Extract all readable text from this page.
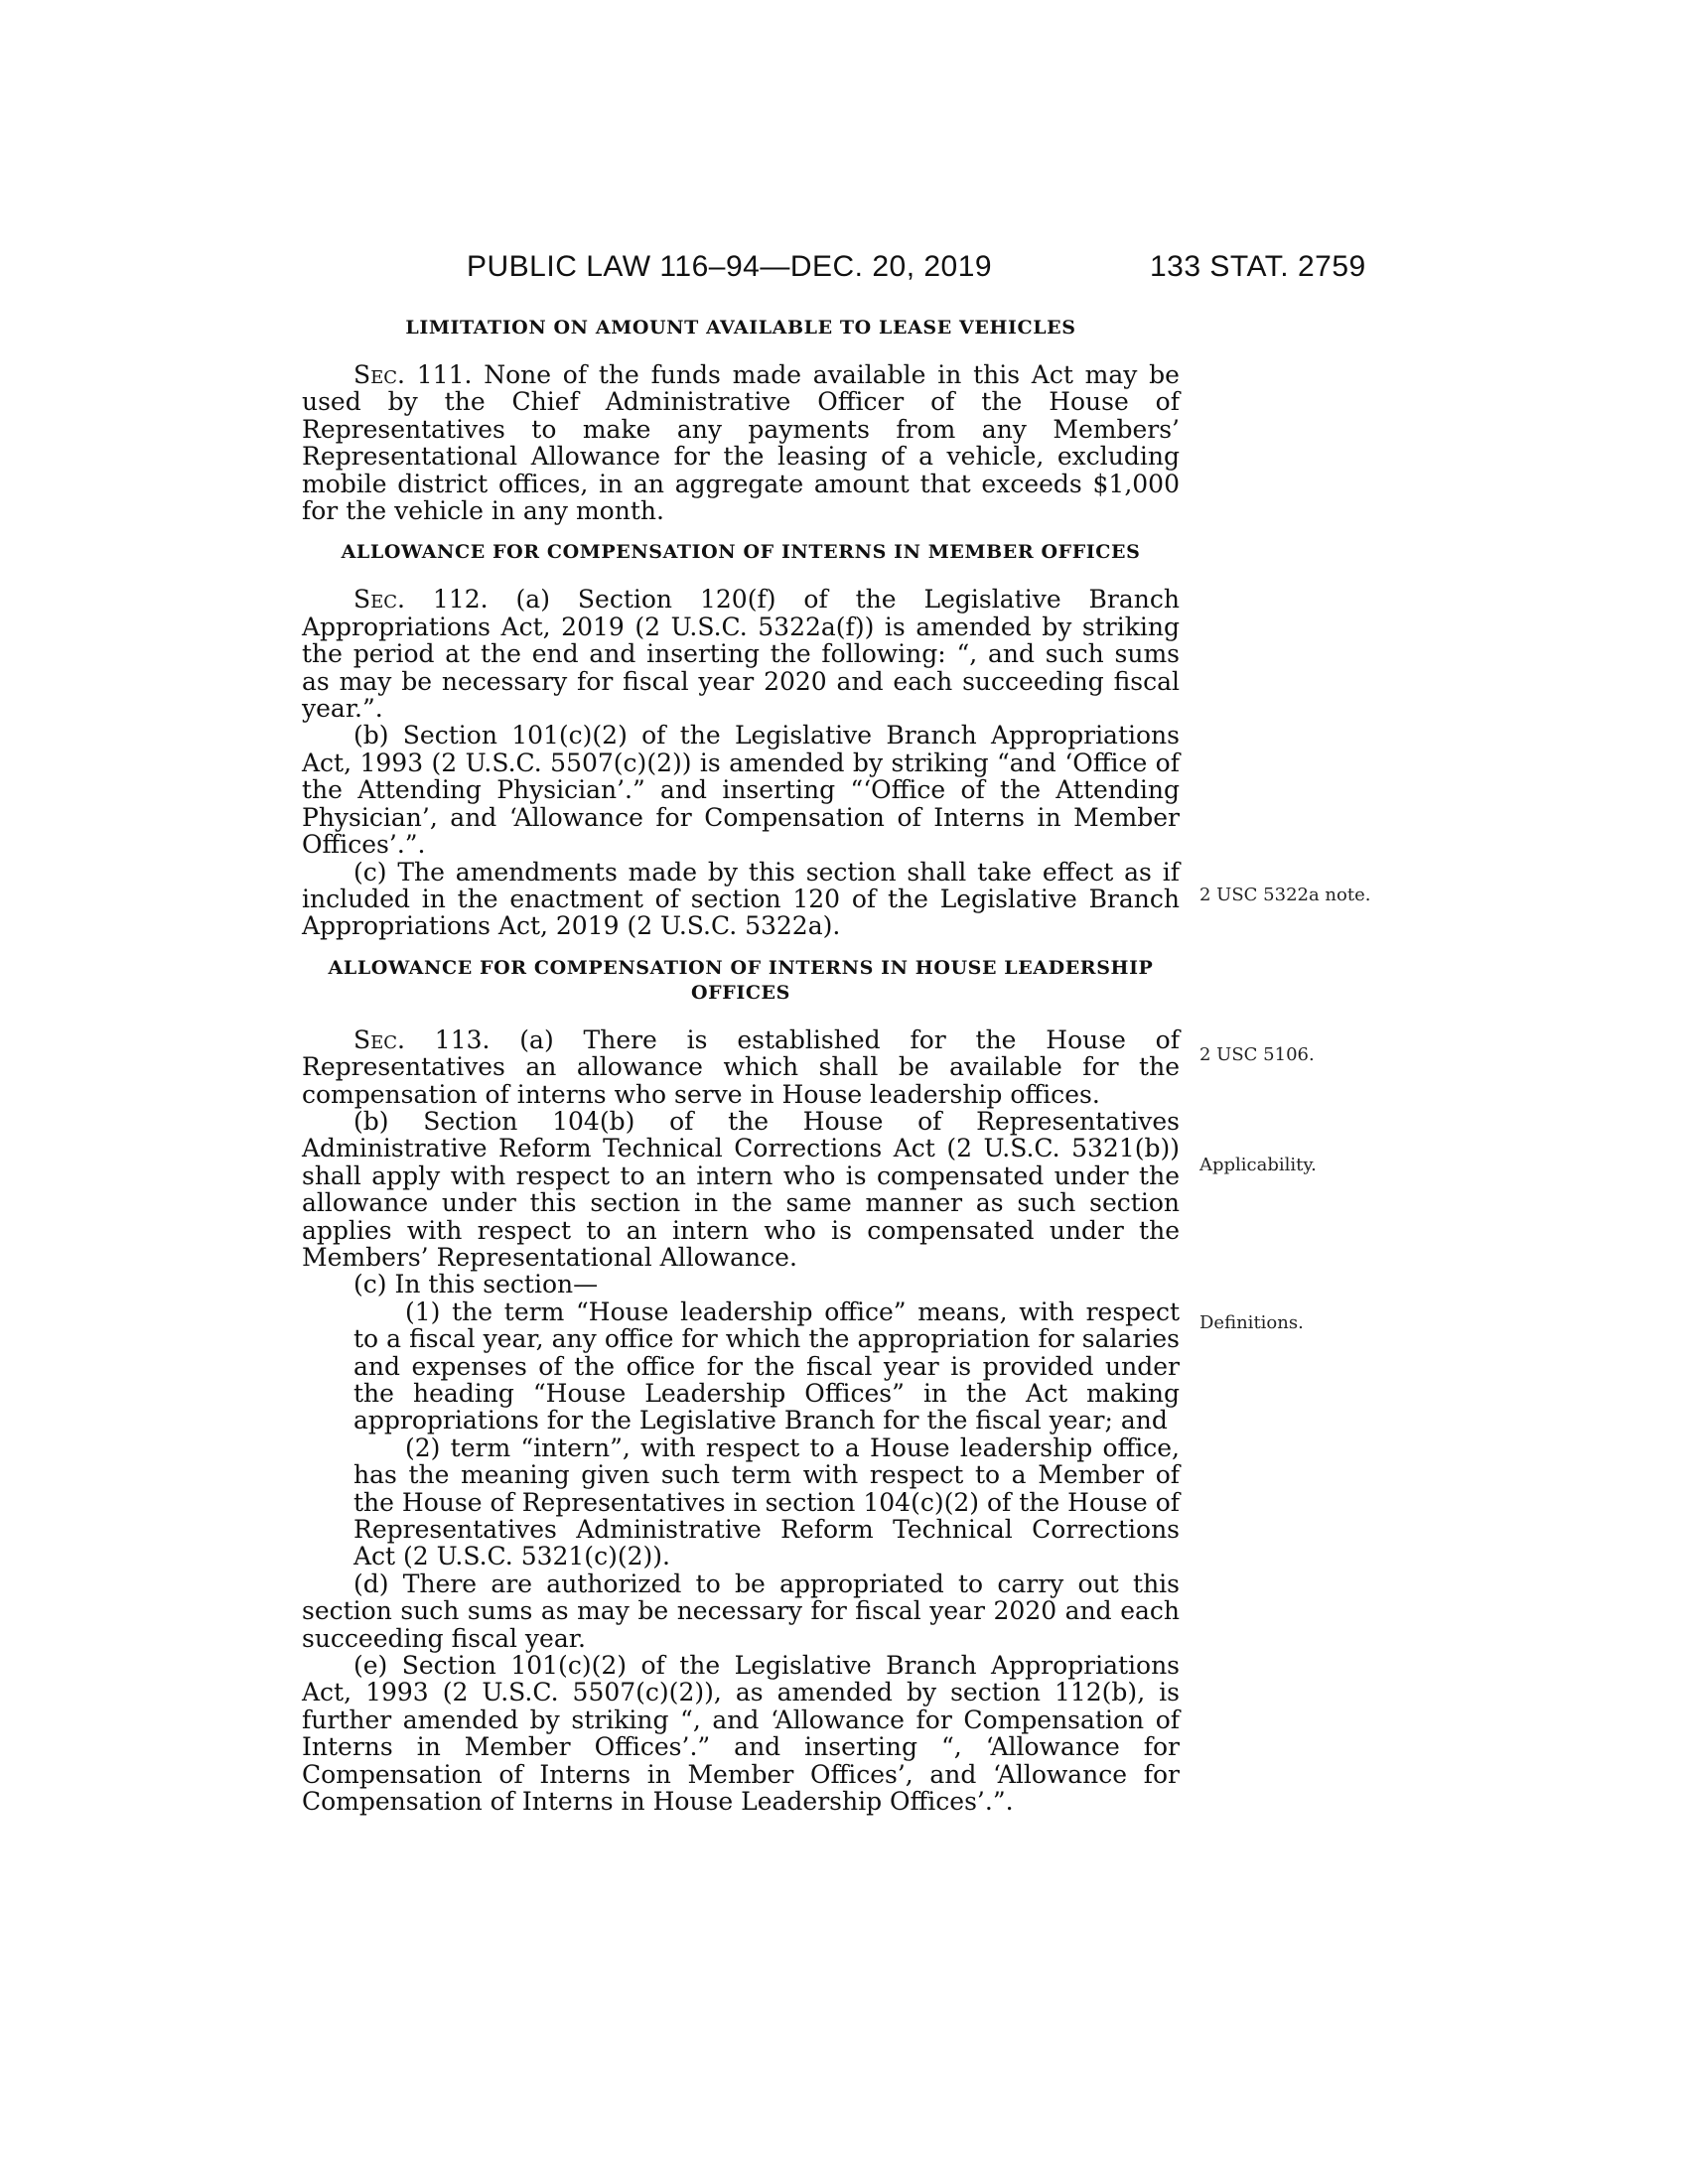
PUBLIC LAW 116–94—DEC. 20, 2019	133 STAT. 2759
LIMITATION ON AMOUNT AVAILABLE TO LEASE VEHICLES

Sec. 111. None of the funds made available in this Act may be used by the Chief Administrative Officer of the House of Representatives to make any payments from any Members’ Representational Allowance for the leasing of a vehicle, excluding mobile district offices, in an aggregate amount that exceeds $1,000 for the vehicle in any month.

ALLOWANCE FOR COMPENSATION OF INTERNS IN MEMBER OFFICES

Sec. 112. (a) Section 120(f) of the Legislative Branch Appropriations Act, 2019 (2 U.S.C. 5322a(f)) is amended by striking the period at the end and inserting the following: “, and such sums as may be necessary for fiscal year 2020 and each succeeding fiscal year.”.

(b) Section 101(c)(2) of the Legislative Branch Appropriations Act, 1993 (2 U.S.C. 5507(c)(2)) is amended by striking “and ‘Office of the Attending Physician’.” and inserting “‘Office of the Attending Physician’, and ‘Allowance for Compensation of Interns in Member Offices’.”.

(c) The amendments made by this section shall take effect as if included in the enactment of section 120 of the Legislative Branch Appropriations Act, 2019 (2 U.S.C. 5322a).

ALLOWANCE FOR COMPENSATION OF INTERNS IN HOUSE LEADERSHIP OFFICES

Sec. 113. (a) There is established for the House of Representatives an allowance which shall be available for the compensation of interns who serve in House leadership offices.

(b) Section 104(b) of the House of Representatives Administrative Reform Technical Corrections Act (2 U.S.C. 5321(b)) shall apply with respect to an intern who is compensated under the allowance under this section in the same manner as such section applies with respect to an intern who is compensated under the Members’ Representational Allowance.

(c) In this section—

(1) the term “House leadership office” means, with respect to a fiscal year, any office for which the appropriation for salaries and expenses of the office for the fiscal year is provided under the heading “House Leadership Offices” in the Act making appropriations for the Legislative Branch for the fiscal year; and

(2) term “intern”, with respect to a House leadership office, has the meaning given such term with respect to a Member of the House of Representatives in section 104(c)(2) of the House of Representatives Administrative Reform Technical Corrections Act (2 U.S.C. 5321(c)(2)).

(d) There are authorized to be appropriated to carry out this section such sums as may be necessary for fiscal year 2020 and each succeeding fiscal year.

(e) Section 101(c)(2) of the Legislative Branch Appropriations Act, 1993 (2 U.S.C. 5507(c)(2)), as amended by section 112(b), is further amended by striking “, and ‘Allowance for Compensation of Interns in Member Offices’.” and inserting “, ‘Allowance for Compensation of Interns in Member Offices’, and ‘Allowance for Compensation of Interns in House Leadership Offices’.”.

2 USC 5322a note.
2 USC 5106.
Applicability.
Definitions.
